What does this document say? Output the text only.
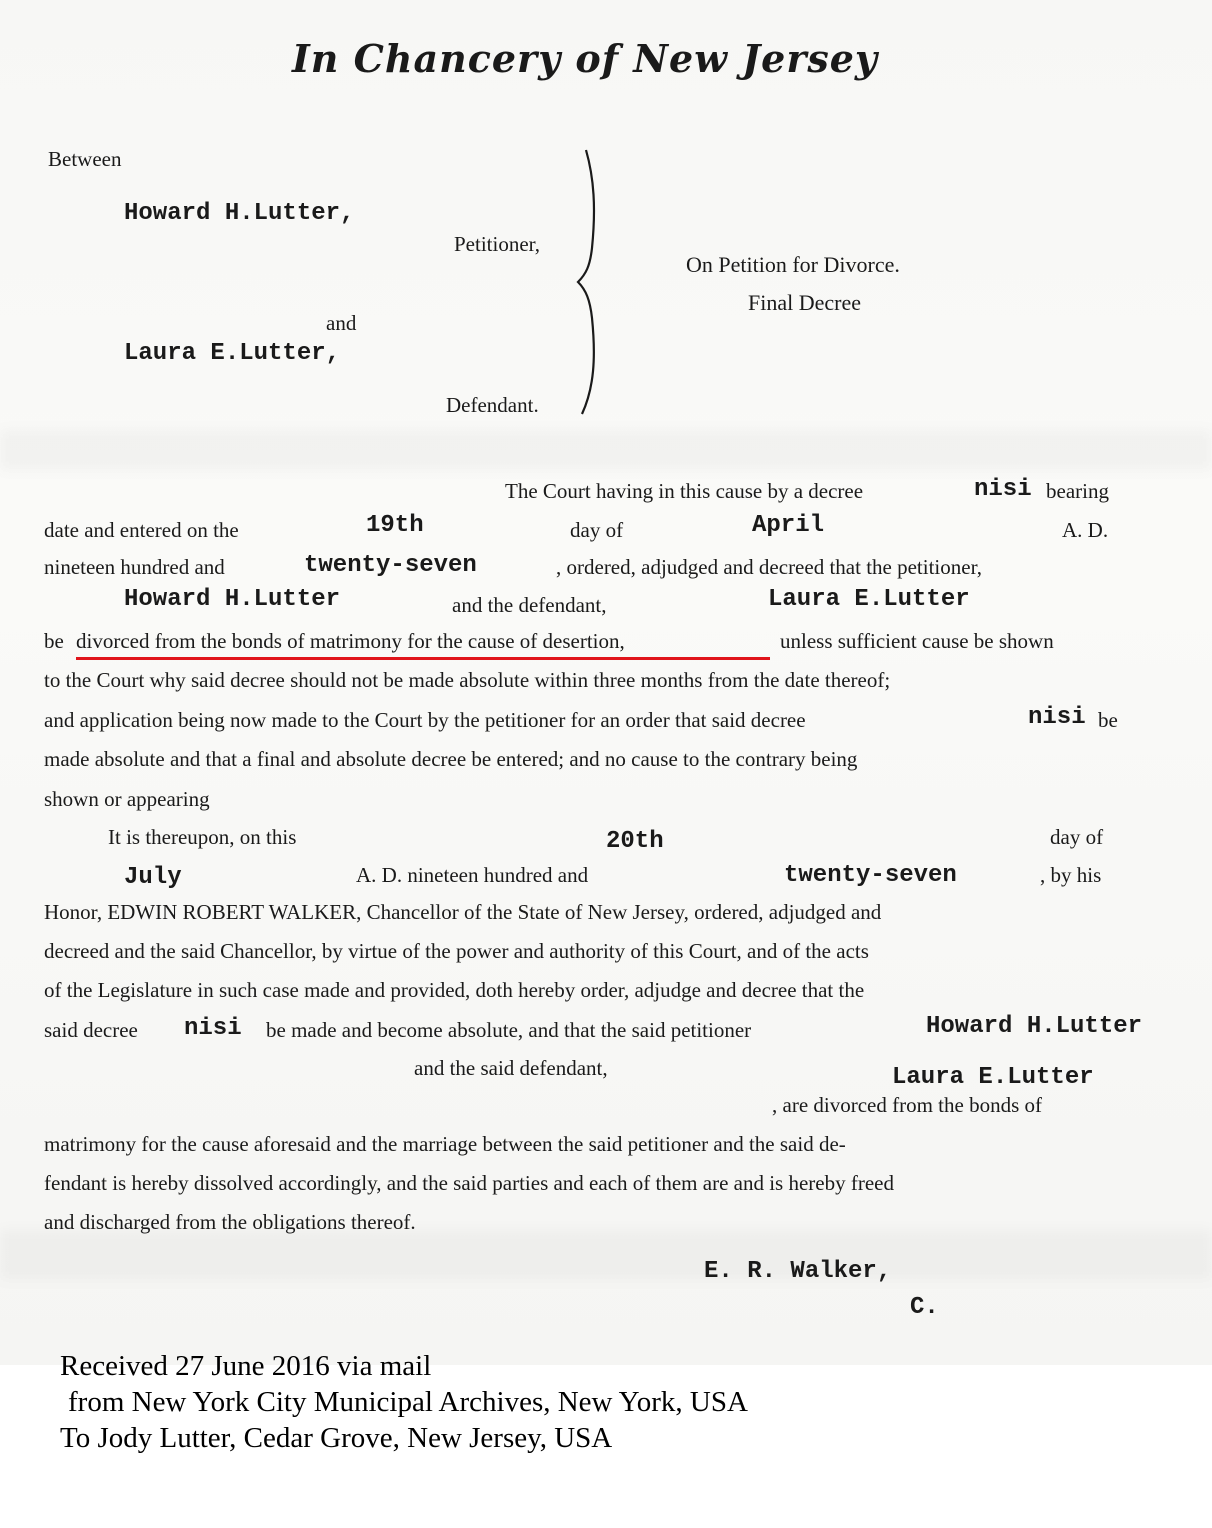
In Chancery of New Jersey
Between
Howard H.Lutter,
Petitioner,
and
Laura E.Lutter,
Defendant.
On Petition for Divorce.
Final Decree
The Court having in this cause by a decree	nisi bearing
date and entered on the	19th	day of	April	A. D.
nineteen hundred and	twenty-seven	, ordered, adjudged and decreed that the petitioner,
Howard H.Lutter	and the defendant,	Laura E.Lutter
be divorced from the bonds of matrimony for the cause of desertion,	unless sufficient cause be shown
to the Court why said decree should not be made absolute within three months from the date thereof;
and application being now made to the Court by the petitioner for an order that said decree	nisi be
made absolute and that a final and absolute decree be entered; and no cause to the contrary being
shown or appearing
It is thereupon, on this	20th	day of
July	A. D. nineteen hundred and	twenty-seven	, by his
Honor, EDWIN ROBERT WALKER, Chancellor of the State of New Jersey, ordered, adjudged and
decreed and the said Chancellor, by virtue of the power and authority of this Court, and of the acts
of the Legislature in such case made and provided, doth hereby order, adjudge and decree that the
said decree nisi be made and become absolute, and that the said petitioner	Howard H.Lutter
and the said defendant,	Laura E.Lutter
, are divorced from the bonds of
matrimony for the cause aforesaid and the marriage between the said petitioner and the said de-
fendant is hereby dissolved accordingly, and the said parties and each of them are and is hereby freed
and discharged from the obligations thereof.
E. R. Walker,
C.
Received 27 June 2016 via mail
from New York City Municipal Archives, New York, USA
To Jody Lutter, Cedar Grove, New Jersey, USA
